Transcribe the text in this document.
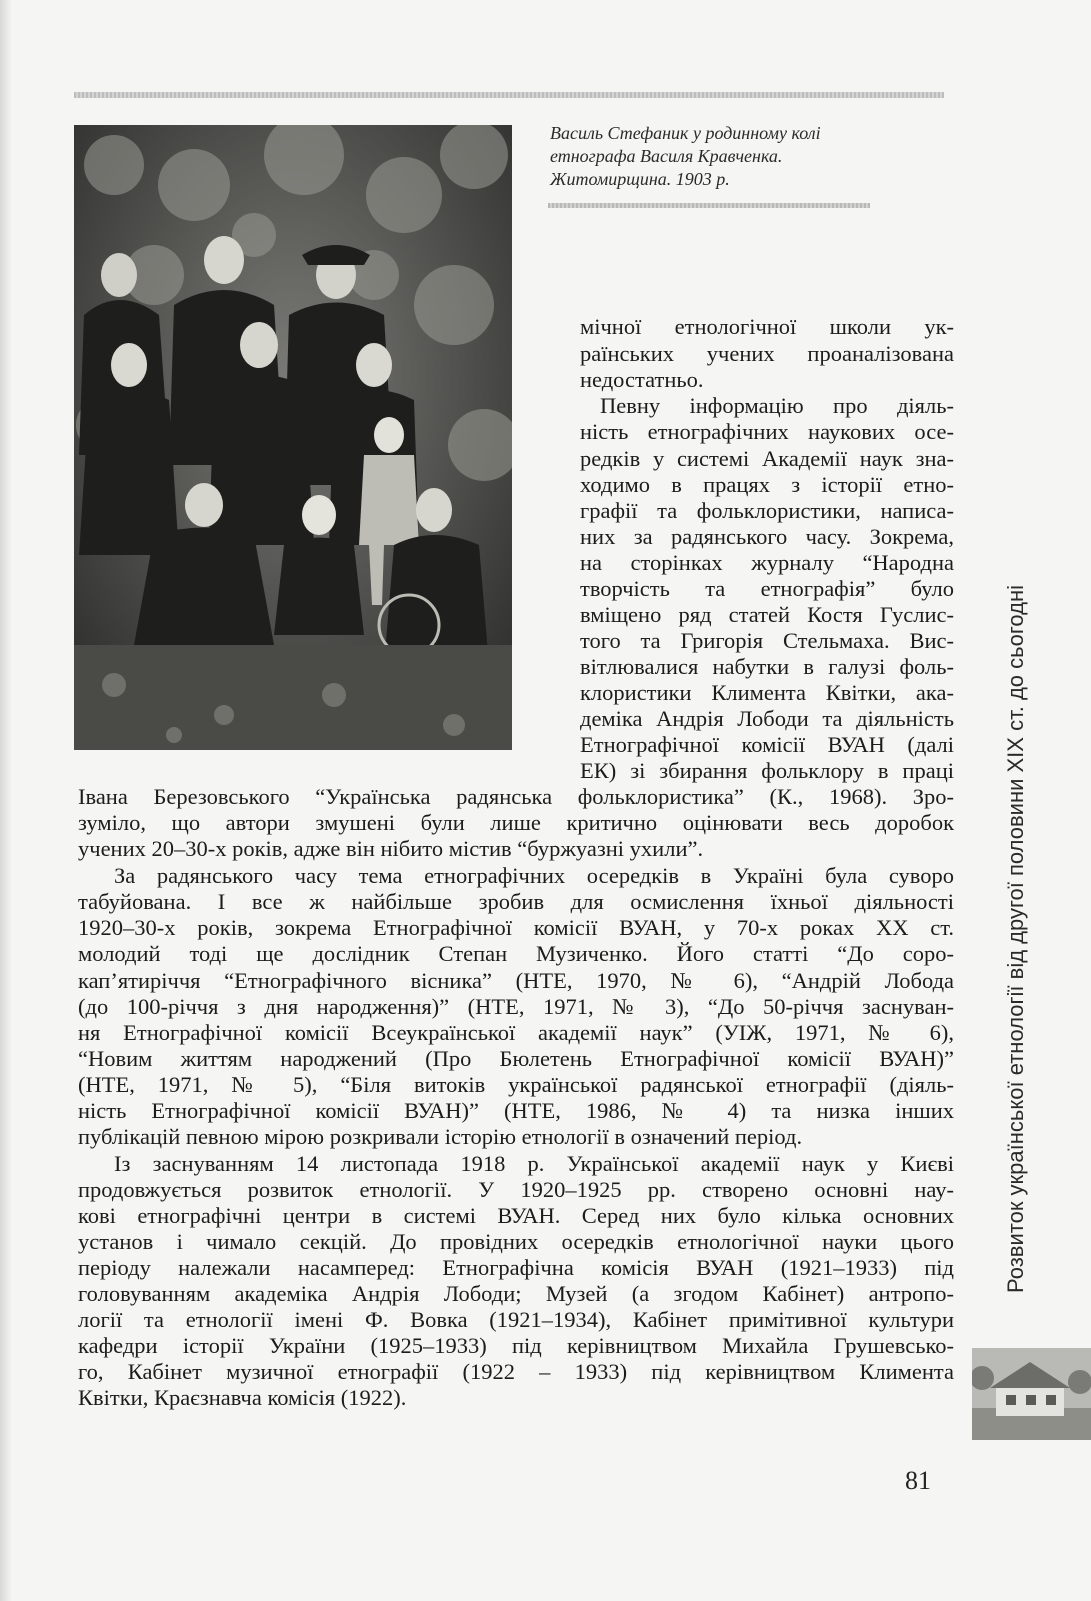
Василь Стефаник у родинному колі
етнографа Василя Кравченка.
Житомирщина. 1903 р.
мічної етнологічної школи ук-
раїнських учених проаналізована
недостатньо.
Певну інформацію про діяль-
ність етнографічних наукових осе-
редків у системі Академії наук зна-
ходимо в працях з історії етно-
графії та фольклористики, написа-
них за радянського часу. Зокрема,
на сторінках журналу “Народна
творчість та етнографія” було
вміщено ряд статей Костя Гуслис-
того та Григорія Стельмаха. Вис-
вітлювалися набутки в галузі фоль-
клористики Климента Квітки, ака-
деміка Андрія Лободи та діяльність
Етнографічної комісії ВУАН (далі
ЕК) зі збирання фольклору в праці
Івана Березовського “Українська радянська фольклористика” (К., 1968). Зро-
зуміло, що автори змушені були лише критично оцінювати весь доробок
учених 20–30-х років, адже він нібито містив “буржуазні ухили”.
За радянського часу тема етнографічних осередків в Україні була суворо
табуйована. І все ж найбільше зробив для осмислення їхньої діяльності
1920–30-х років, зокрема Етнографічної комісії ВУАН, у 70-х роках XX ст.
молодий тоді ще дослідник Степан Музиченко. Його статті “До соро-
кап’ятиріччя “Етнографічного вісника” (НТЕ, 1970, № 6), “Андрій Лобода
(до 100-річчя з дня народження)” (НТЕ, 1971, № 3), “До 50-річчя заснуван-
ня Етнографічної комісії Всеукраїнської академії наук” (УІЖ, 1971, № 6),
“Новим життям народжений (Про Бюлетень Етнографічної комісії ВУАН)”
(НТЕ, 1971, № 5), “Біля витоків української радянської етнографії (діяль-
ність Етнографічної комісії ВУАН)” (НТЕ, 1986, № 4) та низка інших
публікацій певною мірою розкривали історію етнології в означений період.
Із заснуванням 14 листопада 1918 р. Української академії наук у Києві
продовжується розвиток етнології. У 1920–1925 рр. створено основні нау-
кові етнографічні центри в системі ВУАН. Серед них було кілька основних
установ і чимало секцій. До провідних осередків етнологічної науки цього
періоду належали насамперед: Етнографічна комісія ВУАН (1921–1933) під
головуванням академіка Андрія Лободи; Музей (а згодом Кабінет) антропо-
логії та етнології імені Ф. Вовка (1921–1934), Кабінет примітивної культури
кафедри історії України (1925–1933) під керівництвом Михайла Грушевсько-
го, Кабінет музичної етнографії (1922 – 1933) під керівництвом Климента
Квітки, Краєзнавча комісія (1922).
Розвиток української етнології від другої половини XIX ст. до сьогодні
81
